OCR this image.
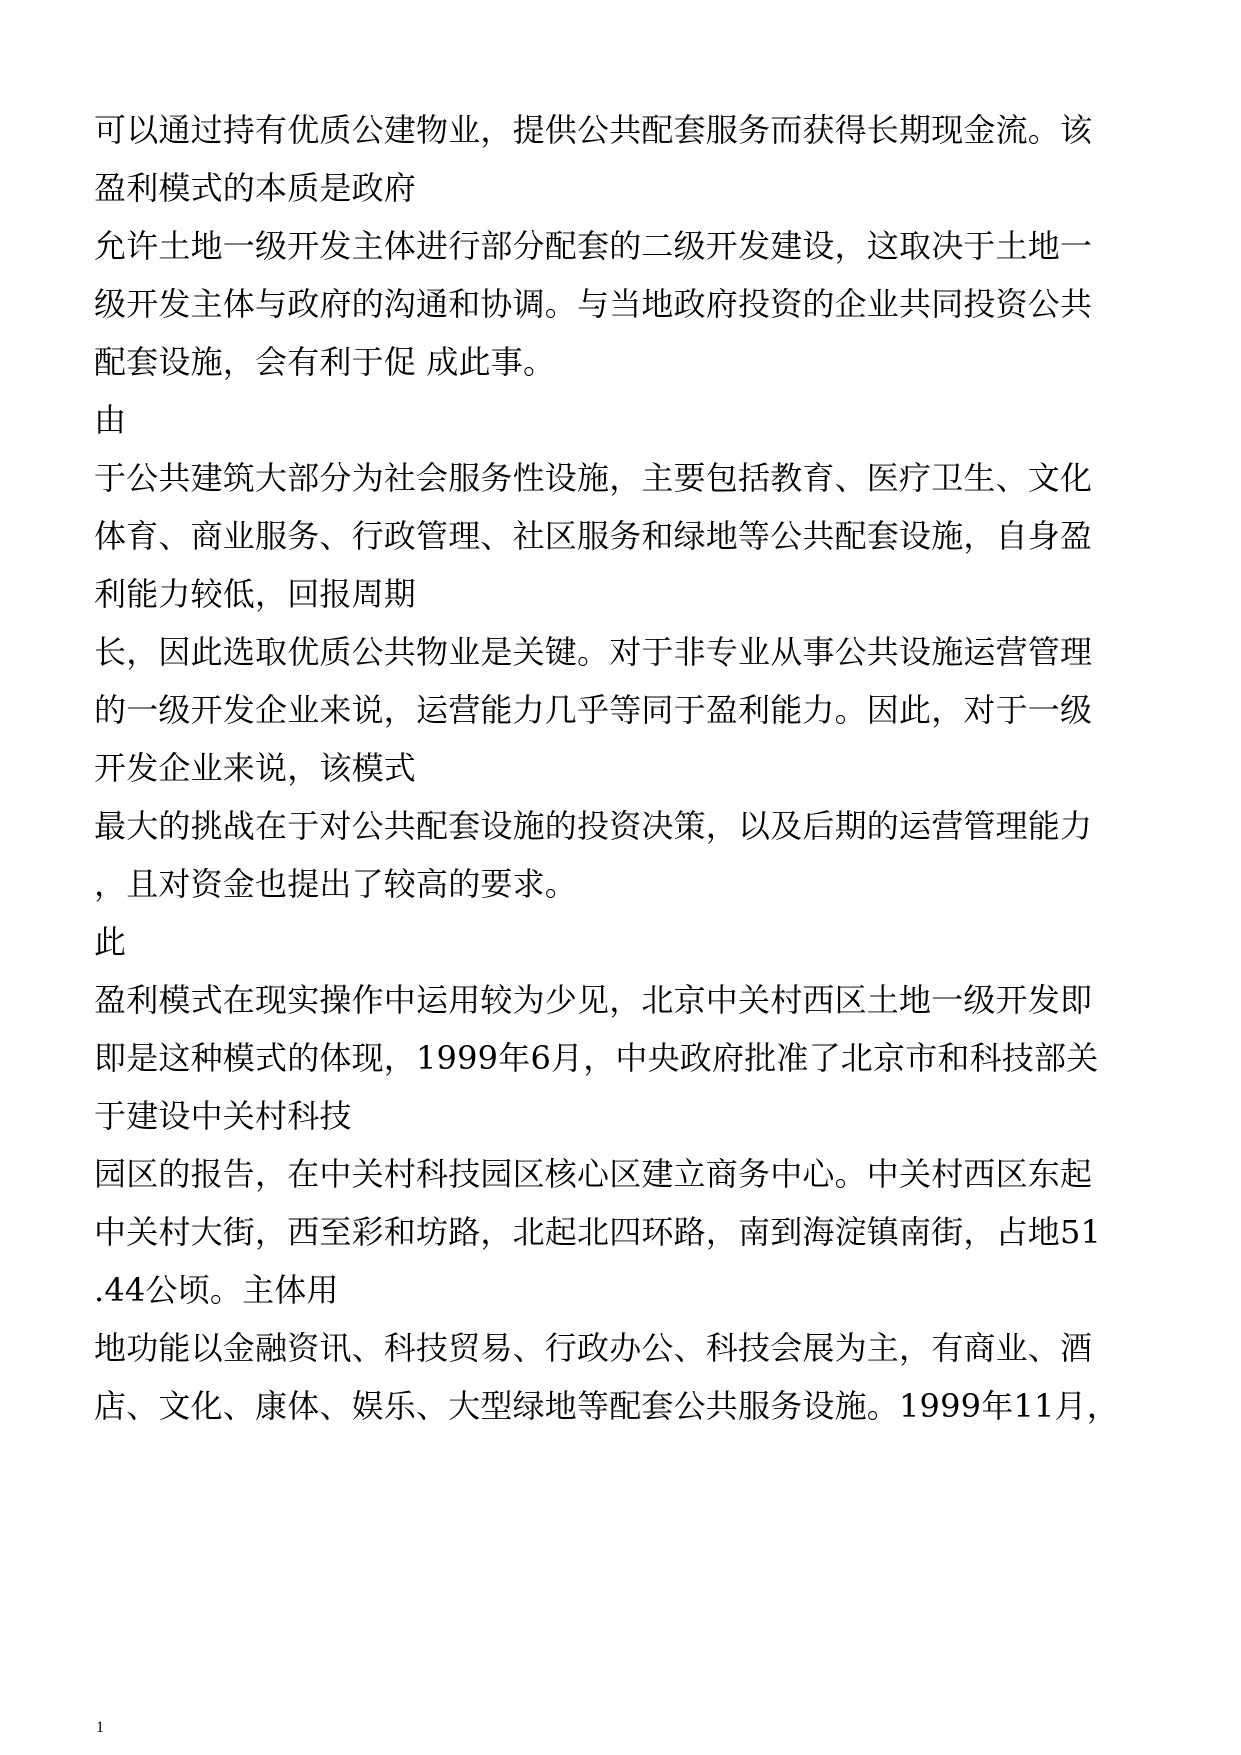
可以通过持有优质公建物业，提供公共配套服务而获得长期现金流。该
盈利模式的本质是政府
允许土地一级开发主体进行部分配套的二级开发建设，这取决于土地一
级开发主体与政府的沟通和协调。与当地政府投资的企业共同投资公共
配套设施，会有利于促 成此事。
由
于公共建筑大部分为社会服务性设施，主要包括教育、医疗卫生、文化
体育、商业服务、行政管理、社区服务和绿地等公共配套设施，自身盈
利能力较低，回报周期
长，因此选取优质公共物业是关键。对于非专业从事公共设施运营管理
的一级开发企业来说，运营能力几乎等同于盈利能力。因此，对于一级
开发企业来说，该模式
最大的挑战在于对公共配套设施的投资决策，以及后期的运营管理能力
，且对资金也提出了较高的要求。
此
盈利模式在现实操作中运用较为少见，北京中关村西区土地一级开发即
即是这种模式的体现，1999年6月，中央政府批准了北京市和科技部关
于建设中关村科技
园区的报告，在中关村科技园区核心区建立商务中心。中关村西区东起
中关村大街，西至彩和坊路，北起北四环路，南到海淀镇南街，占地51
.44公顷。主体用
地功能以金融资讯、科技贸易、行政办公、科技会展为主，有商业、酒
店、文化、康体、娱乐、大型绿地等配套公共服务设施。1999年11月，
1
